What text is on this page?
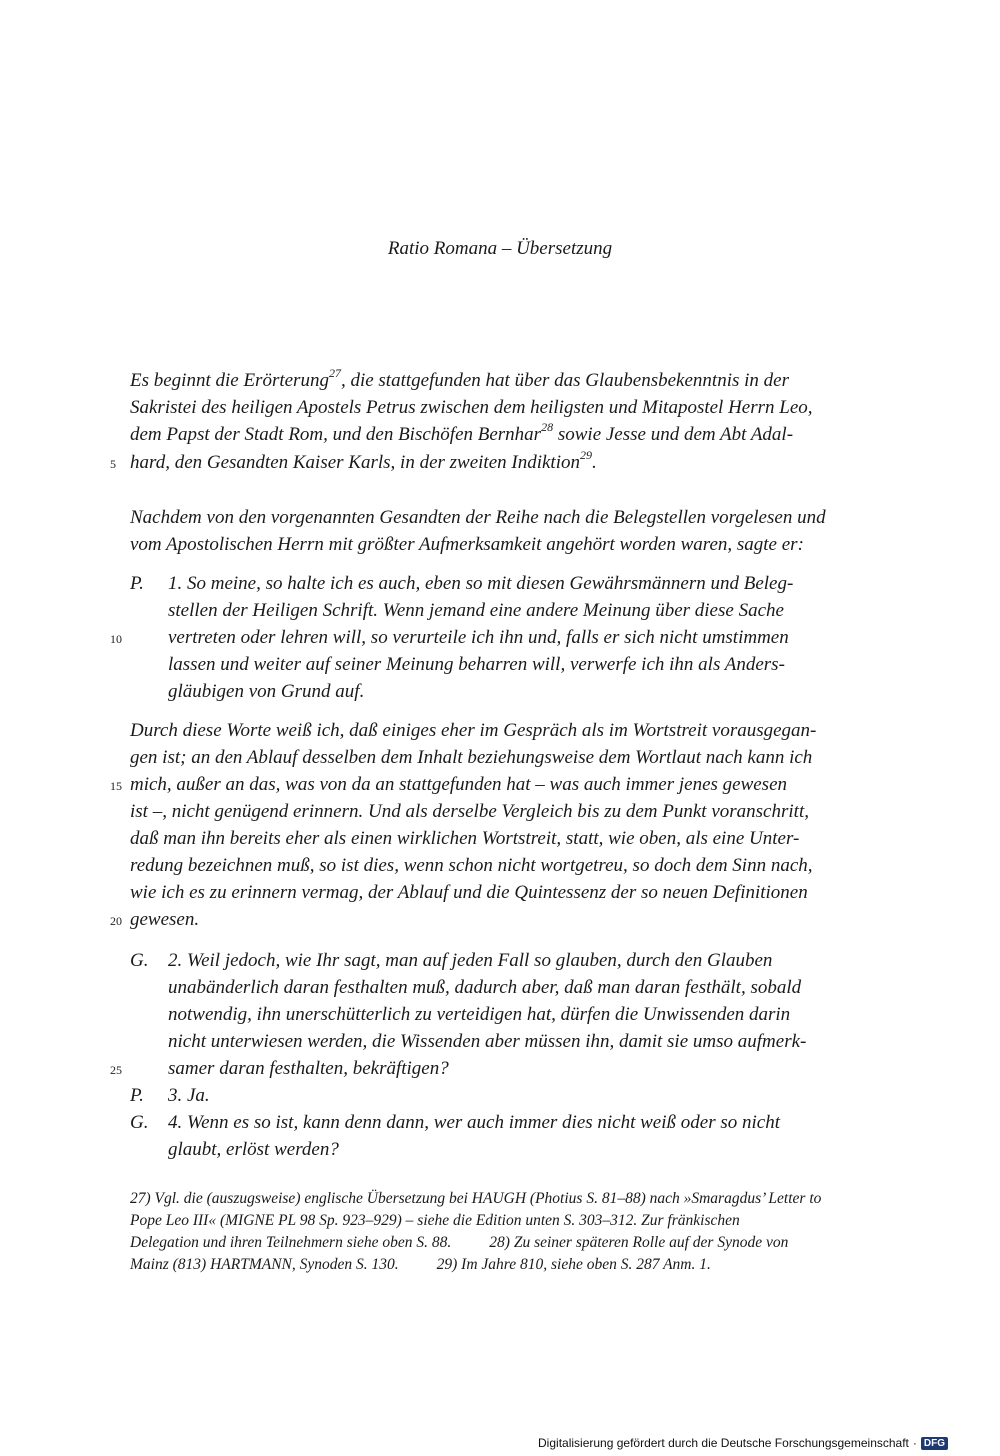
Ratio Romana – Übersetzung
Es beginnt die Erörterung$^{27}$, die stattgefunden hat über das Glaubensbekenntnis in der
Sakristei des heiligen Apostels Petrus zwischen dem heiligsten und Mitapostel Herrn Leo,
dem Papst der Stadt Rom, und den Bischöfen Bernhar$^{28}$ sowie Jesse und dem Abt Adal-
5 hard, den Gesandten Kaiser Karls, in der zweiten Indiktion$^{29}$.
Nachdem von den vorgenannten Gesandten der Reihe nach die Belegstellen vorgelesen und
vom Apostolischen Herrn mit größter Aufmerksamkeit angehört worden waren, sagte er:
P. 1. So meine, so halte ich es auch, eben so mit diesen Gewährsmännern und Beleg-
stellen der Heiligen Schrift. Wenn jemand eine andere Meinung über diese Sache
10 vertreten oder lehren will, so verurteile ich ihn und, falls er sich nicht umstimmen
lassen und weiter auf seiner Meinung beharren will, verwerfe ich ihn als Anders-
gläubigen von Grund auf.
Durch diese Worte weiß ich, daß einiges eher im Gespräch als im Wortstreit vorausgegan-
gen ist; an den Ablauf desselben dem Inhalt beziehungsweise dem Wortlaut nach kann ich
15 mich, außer an das, was von da an stattgefunden hat – was auch immer jenes gewesen
ist –, nicht genügend erinnern. Und als derselbe Vergleich bis zu dem Punkt voranschritt,
daß man ihn bereits eher als einen wirklichen Wortstreit, statt, wie oben, als eine Unter-
redung bezeichnen muß, so ist dies, wenn schon nicht wortgetreu, so doch dem Sinn nach,
wie ich es zu erinnern vermag, der Ablauf und die Quintessenz der so neuen Definitionen
20 gewesen.
G. 2. Weil jedoch, wie Ihr sagt, man auf jeden Fall so glauben, durch den Glauben
unabänderlich daran festhalten muß, dadurch aber, daß man daran festhält, sobald
notwendig, ihn unerschütterlich zu verteidigen hat, dürfen die Unwissenden darin
nicht unterwiesen werden, die Wissenden aber müssen ihn, damit sie umso aufmerk-
25 samer daran festhalten, bekräftigen?
P. 3. Ja.
G. 4. Wenn es so ist, kann denn dann, wer auch immer dies nicht weiß oder so nicht
glaubt, erlöst werden?
27) Vgl. die (auszugsweise) englische Übersetzung bei HAUGH (Photius S. 81–88) nach »Smaragdus’ Letter to
Pope Leo III« (MIGNE PL 98 Sp. 923–929) – siehe die Edition unten S. 303–312. Zur fränkischen
Delegation und ihren Teilnehmern siehe oben S. 88. 28) Zu seiner späteren Rolle auf der Synode von
Mainz (813) HARTMANN, Synoden S. 130. 29) Im Jahre 810, siehe oben S. 287 Anm. 1.
Digitalisierung gefördert durch die Deutsche Forschungsgemeinschaft · DFG
